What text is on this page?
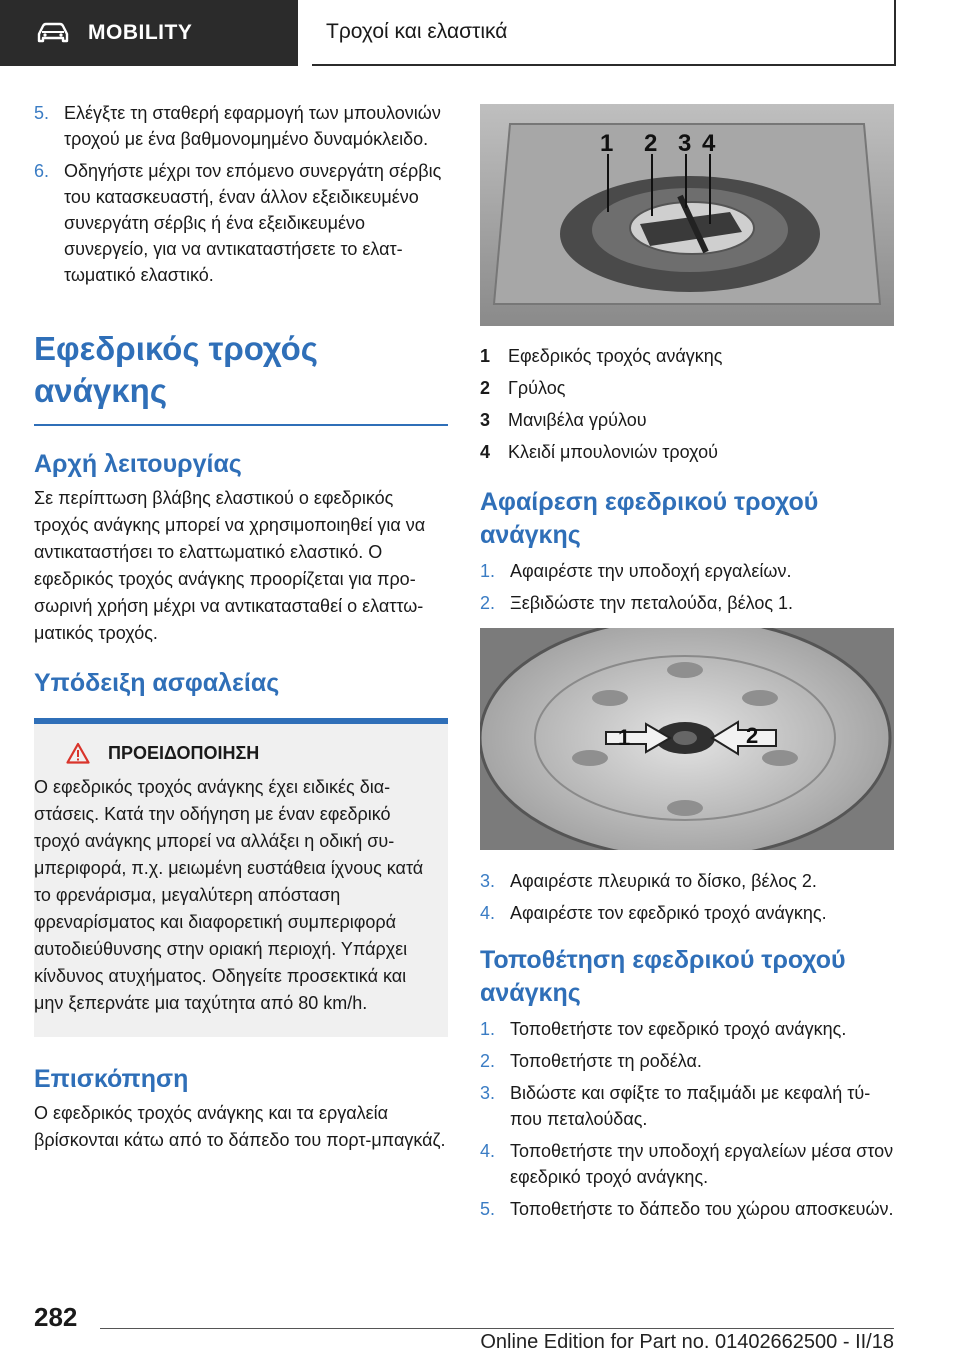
MOBILITY	Τροχοί και ελαστικά
5. Ελέγξτε τη σταθερή εφαρμογή των μπουλονιών τροχού με ένα βαθμονομημένο δυναμόκλειδο.
6. Οδηγήστε μέχρι τον επόμενο συνεργάτη σέρβις του κατασκευαστή, έναν άλλον εξειδικευμένο συνεργάτη σέρβις ή ένα εξειδικευμένο συνεργείο, για να αντικαταστήσετε το ελαττωματικό ελαστικό.
Εφεδρικός τροχός ανάγκης
Αρχή λειτουργίας
Σε περίπτωση βλάβης ελαστικού ο εφεδρικός τροχός ανάγκης μπορεί να χρησιμοποιηθεί για να αντικαταστήσει το ελαττωματικό ελαστικό. Ο εφεδρικός τροχός ανάγκης προορίζεται για προσωρινή χρήση μέχρι να αντικατασταθεί ο ελαττωματικός τροχός.
Υπόδειξη ασφαλείας
ΠΡΟΕΙΔΟΠΟΙΗΣΗ
Ο εφεδρικός τροχός ανάγκης έχει ειδικές διαστάσεις. Κατά την οδήγηση με έναν εφεδρικό τροχό ανάγκης μπορεί να αλλάξει η οδική συμπεριφορά, π.χ. μειωμένη ευστάθεια ίχνους κατά το φρενάρισμα, μεγαλύτερη απόσταση φρεναρίσματος και διαφορετική συμπεριφορά αυτοδιεύθυνσης στην οριακή περιοχή. Υπάρχει κίνδυνος ατυχήματος. Οδηγείτε προσεκτικά και μην ξεπερνάτε μια ταχύτητα από 80 km/h.
Επισκόπηση
Ο εφεδρικός τροχός ανάγκης και τα εργαλεία βρίσκονται κάτω από το δάπεδο του πορτ-μπαγκάζ.
1 2 3 4
1 Εφεδρικός τροχός ανάγκης
2 Γρύλος
3 Μανιβέλα γρύλου
4 Κλειδί μπουλονιών τροχού
Αφαίρεση εφεδρικού τροχού ανάγκης
1. Αφαιρέστε την υποδοχή εργαλείων.
2. Ξεβιδώστε την πεταλούδα, βέλος 1.
1	2
3. Αφαιρέστε πλευρικά το δίσκο, βέλος 2.
4. Αφαιρέστε τον εφεδρικό τροχό ανάγκης.
Τοποθέτηση εφεδρικού τροχού ανάγκης
1. Τοποθετήστε τον εφεδρικό τροχό ανάγκης.
2. Τοποθετήστε τη ροδέλα.
3. Βιδώστε και σφίξτε το παξιμάδι με κεφαλή τύπου πεταλούδας.
4. Τοποθετήστε την υποδοχή εργαλείων μέσα στον εφεδρικό τροχό ανάγκης.
5. Τοποθετήστε το δάπεδο του χώρου αποσκευών.
282
Online Edition for Part no. 01402662500 - II/18
